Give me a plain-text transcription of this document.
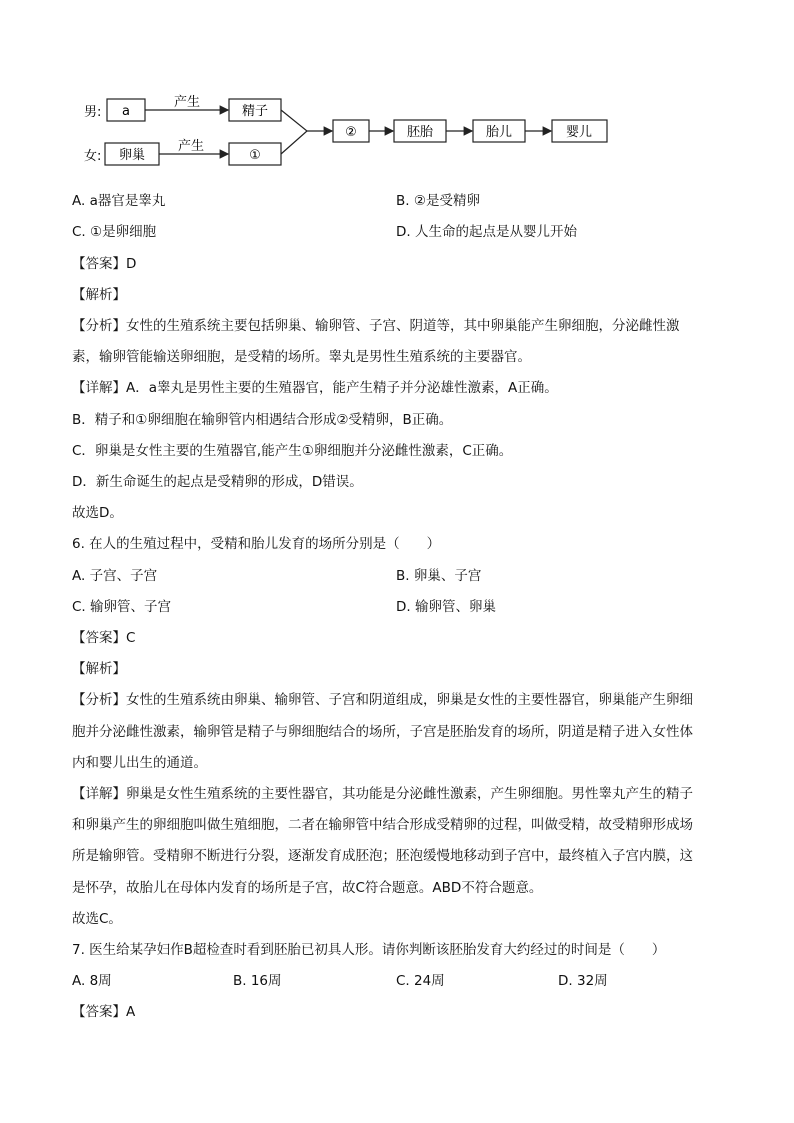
男:
女:
a
卵巢
产生
产生
精子
①
②	胚胎	胎儿	婴儿
A. a器官是睾丸	B. ②是受精卵
C. ①是卵细胞	D. 人生命的起点是从婴儿开始
【答案】D
【解析】
【分析】女性的生殖系统主要包括卵巢、输卵管、子宫、阴道等，其中卵巢能产生卵细胞，分泌雌性激
素，输卵管能输送卵细胞，是受精的场所。睾丸是男性生殖系统的主要器官。
【详解】A．a睾丸是男性主要的生殖器官，能产生精子并分泌雄性激素，A正确。
B．精子和①卵细胞在输卵管内相遇结合形成②受精卵，B正确。
C．卵巢是女性主要的生殖器官,能产生①卵细胞并分泌雌性激素，C正确。
D．新生命诞生的起点是受精卵的形成，D错误。
故选D。
6. 在人的生殖过程中，受精和胎儿发育的场所分别是（　　）
A. 子宫、子宫	B. 卵巢、子宫
C. 输卵管、子宫	D. 输卵管、卵巢
【答案】C
【解析】
【分析】女性的生殖系统由卵巢、输卵管、子宫和阴道组成，卵巢是女性的主要性器官，卵巢能产生卵细
胞并分泌雌性激素，输卵管是精子与卵细胞结合的场所，子宫是胚胎发育的场所，阴道是精子进入女性体
内和婴儿出生的通道。
【详解】卵巢是女性生殖系统的主要性器官，其功能是分泌雌性激素，产生卵细胞。男性睾丸产生的精子
和卵巢产生的卵细胞叫做生殖细胞，二者在输卵管中结合形成受精卵的过程，叫做受精，故受精卵形成场
所是输卵管。受精卵不断进行分裂，逐渐发育成胚泡；胚泡缓慢地移动到子宫中，最终植入子宫内膜，这
是怀孕，故胎儿在母体内发育的场所是子宫，故C符合题意。ABD不符合题意。
故选C。
7. 医生给某孕妇作B超检查时看到胚胎已初具人形。请你判断该胚胎发育大约经过的时间是（　　）
A. 8周	B. 16周	C. 24周	D. 32周
【答案】A
